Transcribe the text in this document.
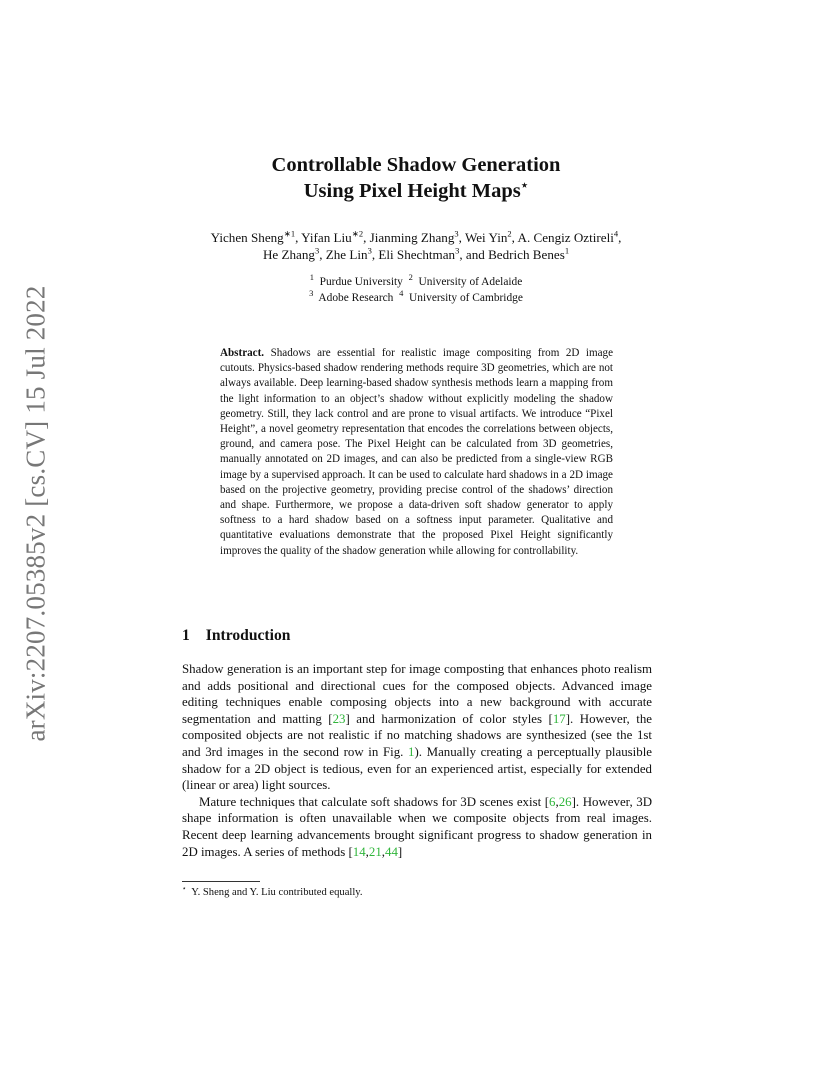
arXiv:2207.05385v2 [cs.CV] 15 Jul 2022
Controllable Shadow Generation
Using Pixel Height Maps⋆
Yichen Sheng$^{∗1}$, Yifan Liu$^{∗2}$, Jianming Zhang$^3$, Wei Yin$^2$, A. Cengiz Oztireli$^4$,
He Zhang$^3$, Zhe Lin$^3$, Eli Shechtman$^3$, and Bedrich Benes$^1$
$^1$ Purdue University $^2$ University of Adelaide
$^3$ Adobe Research $^4$ University of Cambridge
Abstract. Shadows are essential for realistic image compositing from 2D image cutouts. Physics-based shadow rendering methods require 3D geometries, which are not always available. Deep learning-based shadow synthesis methods learn a mapping from the light information to an object’s shadow without explicitly modeling the shadow geometry. Still, they lack control and are prone to visual artifacts. We introduce “Pixel Height”, a novel geometry representation that encodes the correlations between objects, ground, and camera pose. The Pixel Height can be calculated from 3D geometries, manually annotated on 2D images, and can also be predicted from a single-view RGB image by a supervised approach. It can be used to calculate hard shadows in a 2D image based on the projective geometry, providing precise control of the shadows’ direction and shape. Furthermore, we propose a data-driven soft shadow generator to apply softness to a hard shadow based on a softness input parameter. Qualitative and quantitative evaluations demonstrate that the proposed Pixel Height significantly improves the quality of the shadow generation while allowing for controllability.
1 Introduction

Shadow generation is an important step for image composting that enhances photo realism and adds positional and directional cues for the composed objects. Advanced image editing techniques enable composing objects into a new background with accurate segmentation and matting [23] and harmonization of color styles [17]. However, the composited objects are not realistic if no matching shadows are synthesized (see the 1st and 3rd images in the second row in Fig. 1). Manually creating a perceptually plausible shadow for a 2D object is tedious, even for an experienced artist, especially for extended (linear or area) light sources.

Mature techniques that calculate soft shadows for 3D scenes exist [6,26]. However, 3D shape information is often unavailable when we composite objects from real images. Recent deep learning advancements brought significant progress to shadow generation in 2D images. A series of methods [14,21,44]

⋆ Y. Sheng and Y. Liu contributed equally.
